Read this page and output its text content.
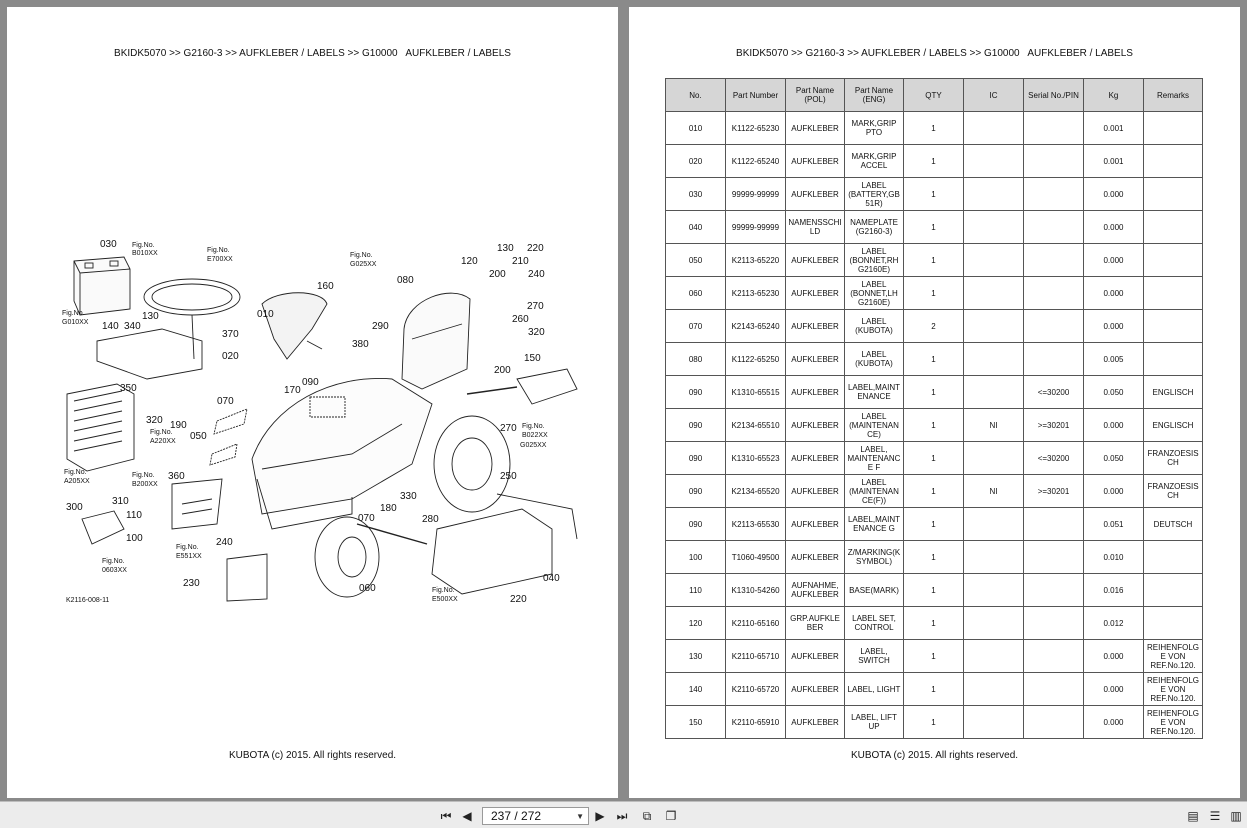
BKIDK5070 >> G2160-3 >> AUFKLEBER / LABELS >> G10000   AUFKLEBER / LABELS
030 Fig.No.
B010XX	Fig.No.
E700XX
Fig.No.
G025XX
160
080
010
130
120
200
220
210
240
270
260
320
Fig.No.
G010XX 140 340
130
370
020
290
380
150
200
350
070
090
170
320 190
Fig.No.
A220XX 050
270 Fig.No.
B022XX
G025XX
Fig.No.
A205XX
Fig.No.
B200XX
360	250
330
180
310
300
110	070	280
Fig.No.
E551XX
100	240
Fig.No.
0603XX
230	060
040
Fig.No.
E500XX	220
K2116-008-11
KUBOTA (c) 2015. All rights reserved.
BKIDK5070 >> G2160-3 >> AUFKLEBER / LABELS >> G10000   AUFKLEBER / LABELS
No.	Part Number	Part Name (POL)	Part Name (ENG)	QTY	IC	Serial No./PIN	Kg	Remarks
010	K1122-65230	AUFKLEBER	MARK,GRIP PTO	1			0.001	
020	K1122-65240	AUFKLEBER	MARK,GRIP ACCEL	1			0.001	
030	99999-99999	AUFKLEBER	LABEL (BATTERY,GB 51R)	1			0.000	
040	99999-99999	NAMENSSCHI LD	NAMEPLATE (G2160-3)	1			0.000	
050	K2113-65220	AUFKLEBER	LABEL (BONNET,RH G2160E)	1			0.000	
060	K2113-65230	AUFKLEBER	LABEL (BONNET,LH G2160E)	1			0.000	
070	K2143-65240	AUFKLEBER	LABEL (KUBOTA)	2			0.000	
080	K1122-65250	AUFKLEBER	LABEL (KUBOTA)	1			0.005	
090	K1310-65515	AUFKLEBER	LABEL,MAINT ENANCE	1		<=30200	0.050	ENGLISCH
090	K2134-65510	AUFKLEBER	LABEL (MAINTENAN CE)	1	NI	>=30201	0.000	ENGLISCH
090	K1310-65523	AUFKLEBER	LABEL, MAINTENANC E F	1		<=30200	0.050	FRANZOESIS CH
090	K2134-65520	AUFKLEBER	LABEL (MAINTENAN CE(F))	1	NI	>=30201	0.000	FRANZOESIS CH
090	K2113-65530	AUFKLEBER	LABEL,MAINT ENANCE G	1			0.051	DEUTSCH
100	T1060-49500	AUFKLEBER	Z/MARKING(K SYMBOL)	1			0.010	
110	K1310-54260	AUFNAHME, AUFKLEBER	BASE(MARK)	1			0.016	
120	K2110-65160	GRP.AUFKLE BER	LABEL SET, CONTROL	1			0.012	
130	K2110-65710	AUFKLEBER	LABEL, SWITCH	1			0.000	REIHENFOLG E VON REF.No.120.
140	K2110-65720	AUFKLEBER	LABEL, LIGHT	1			0.000	REIHENFOLG E VON REF.No.120.
150	K2110-65910	AUFKLEBER	LABEL, LIFT UP	1			0.000	REIHENFOLG E VON REF.No.120.
KUBOTA (c) 2015. All rights reserved.
⏮ ◀ 237 / 272	▼ ▶ ⏭	⧉	❐	▤ ☰ ▥
